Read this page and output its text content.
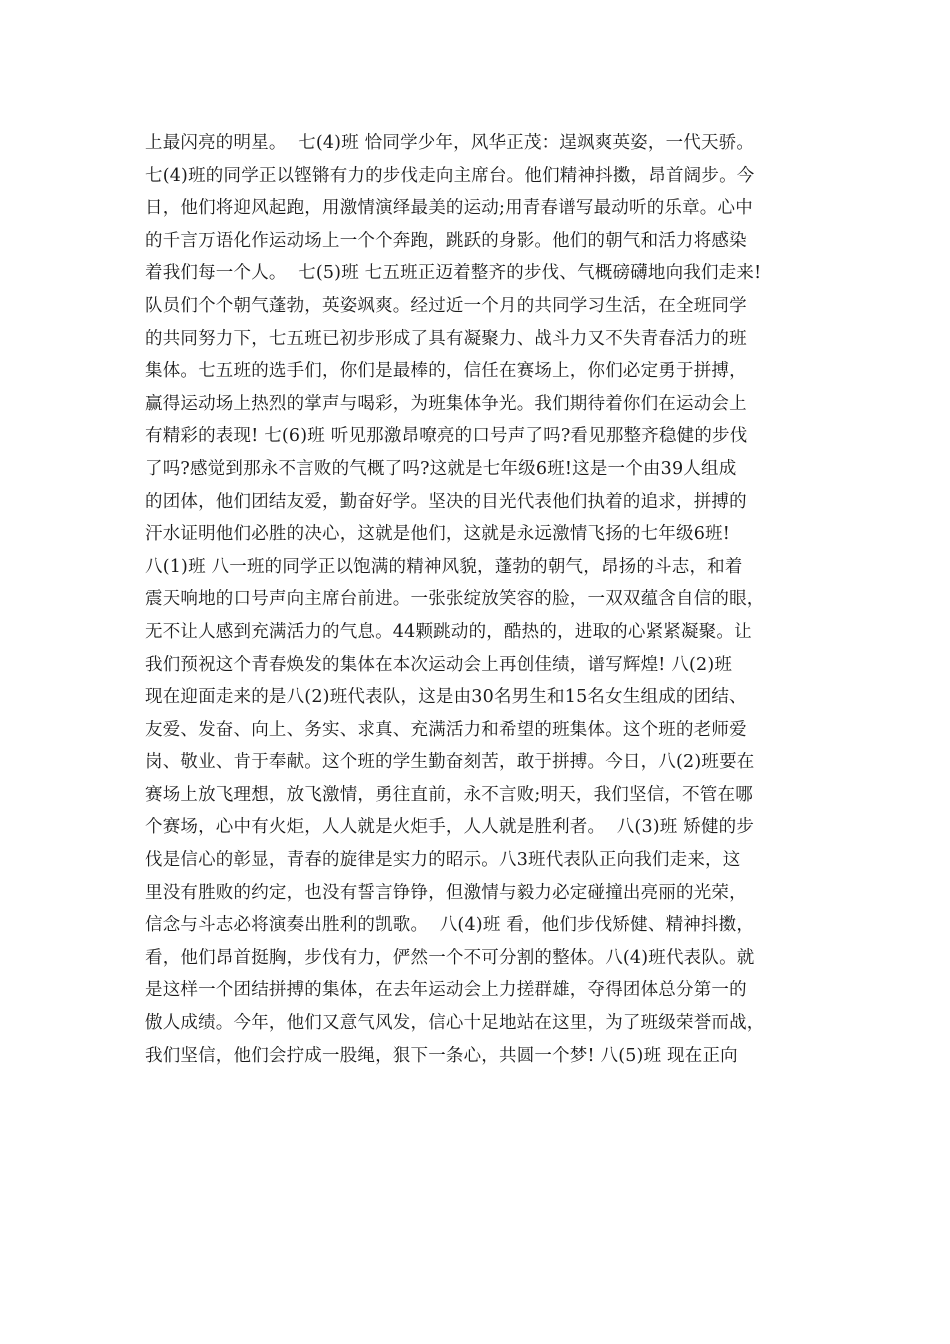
上最闪亮的明星。  七(4)班 恰同学少年，风华正茂：逞飒爽英姿，一代天骄。
七(4)班的同学正以铿锵有力的步伐走向主席台。他们精神抖擞，昂首阔步。今
日，他们将迎风起跑，用激情演绎最美的运动;用青春谱写最动听的乐章。心中
的千言万语化作运动场上一个个奔跑，跳跃的身影。他们的朝气和活力将感染
着我们每一个人。  七(5)班 七五班正迈着整齐的步伐、气概磅礴地向我们走来!
队员们个个朝气蓬勃，英姿飒爽。经过近一个月的共同学习生活，在全班同学
的共同努力下，七五班已初步形成了具有凝聚力、战斗力又不失青春活力的班
集体。七五班的选手们，你们是最棒的，信任在赛场上，你们必定勇于拼搏，
赢得运动场上热烈的掌声与喝彩，为班集体争光。我们期待着你们在运动会上
有精彩的表现! 七(6)班 听见那激昂嘹亮的口号声了吗?看见那整齐稳健的步伐
了吗?感觉到那永不言败的气概了吗?这就是七年级6班!这是一个由39人组成
的团体，他们团结友爱，勤奋好学。坚决的目光代表他们执着的追求，拼搏的
汗水证明他们必胜的决心，这就是他们，这就是永远激情飞扬的七年级6班!
八(1)班 八一班的同学正以饱满的精神风貌，蓬勃的朝气，昂扬的斗志，和着
震天响地的口号声向主席台前进。一张张绽放笑容的脸，一双双蕴含自信的眼，
无不让人感到充满活力的气息。44颗跳动的，酷热的，进取的心紧紧凝聚。让
我们预祝这个青春焕发的集体在本次运动会上再创佳绩，谱写辉煌! 八(2)班
现在迎面走来的是八(2)班代表队，这是由30名男生和15名女生组成的团结、
友爱、发奋、向上、务实、求真、充满活力和希望的班集体。这个班的老师爱
岗、敬业、肯于奉献。这个班的学生勤奋刻苦，敢于拼搏。今日，八(2)班要在
赛场上放飞理想，放飞激情，勇往直前，永不言败;明天，我们坚信，不管在哪
个赛场，心中有火炬，人人就是火炬手，人人就是胜利者。  八(3)班 矫健的步
伐是信心的彰显，青春的旋律是实力的昭示。八3班代表队正向我们走来，这
里没有胜败的约定，也没有誓言铮铮，但激情与毅力必定碰撞出亮丽的光荣，
信念与斗志必将演奏出胜利的凯歌。  八(4)班 看，他们步伐矫健、精神抖擞，
看，他们昂首挺胸，步伐有力，俨然一个不可分割的整体。八(4)班代表队。就
是这样一个团结拼搏的集体，在去年运动会上力搓群雄，夺得团体总分第一的
傲人成绩。今年，他们又意气风发，信心十足地站在这里，为了班级荣誉而战，
我们坚信，他们会拧成一股绳，狠下一条心，共圆一个梦! 八(5)班 现在正向
